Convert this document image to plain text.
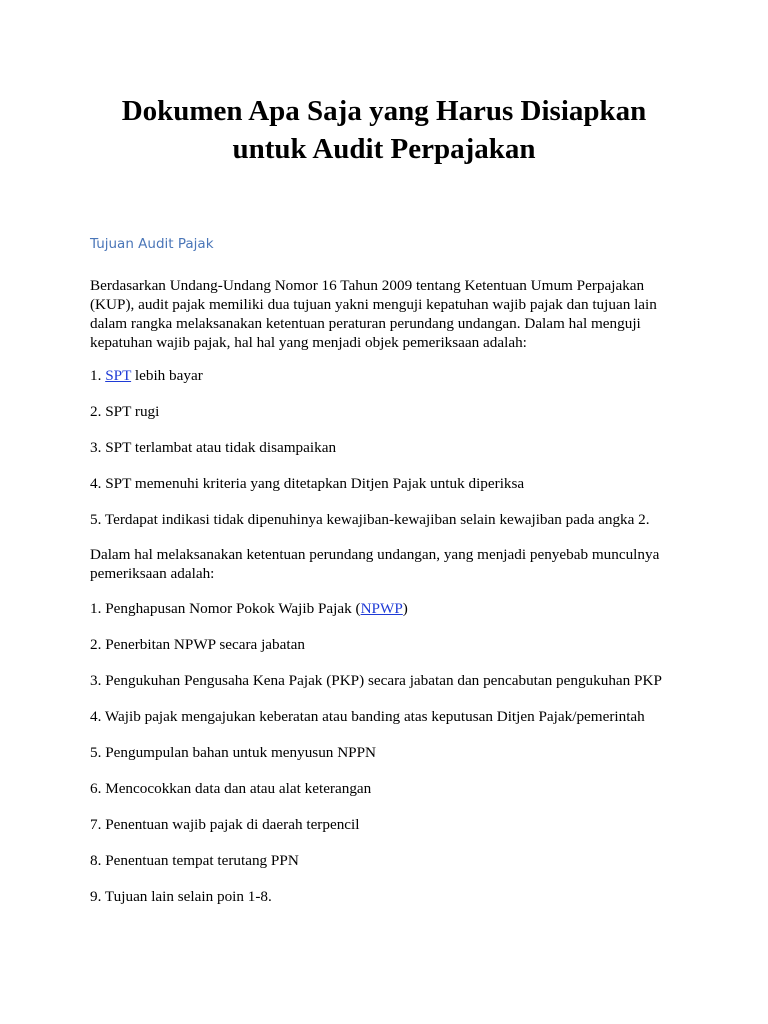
Dokumen Apa Saja yang Harus Disiapkan
untuk Audit Perpajakan
Tujuan Audit Pajak

Berdasarkan Undang-Undang Nomor 16 Tahun 2009 tentang Ketentuan Umum Perpajakan
(KUP), audit pajak memiliki dua tujuan yakni menguji kepatuhan wajib pajak dan tujuan lain
dalam rangka melaksanakan ketentuan peraturan perundang undangan. Dalam hal menguji
kepatuhan wajib pajak, hal hal yang menjadi objek pemeriksaan adalah:

1. SPT lebih bayar

2. SPT rugi

3. SPT terlambat atau tidak disampaikan

4. SPT memenuhi kriteria yang ditetapkan Ditjen Pajak untuk diperiksa

5. Terdapat indikasi tidak dipenuhinya kewajiban-kewajiban selain kewajiban pada angka 2.

Dalam hal melaksanakan ketentuan perundang undangan, yang menjadi penyebab munculnya
pemeriksaan adalah:

1. Penghapusan Nomor Pokok Wajib Pajak (NPWP)

2. Penerbitan NPWP secara jabatan

3. Pengukuhan Pengusaha Kena Pajak (PKP) secara jabatan dan pencabutan pengukuhan PKP

4. Wajib pajak mengajukan keberatan atau banding atas keputusan Ditjen Pajak/pemerintah

5. Pengumpulan bahan untuk menyusun NPPN

6. Mencocokkan data dan atau alat keterangan

7. Penentuan wajib pajak di daerah terpencil

8. Penentuan tempat terutang PPN

9. Tujuan lain selain poin 1-8.
